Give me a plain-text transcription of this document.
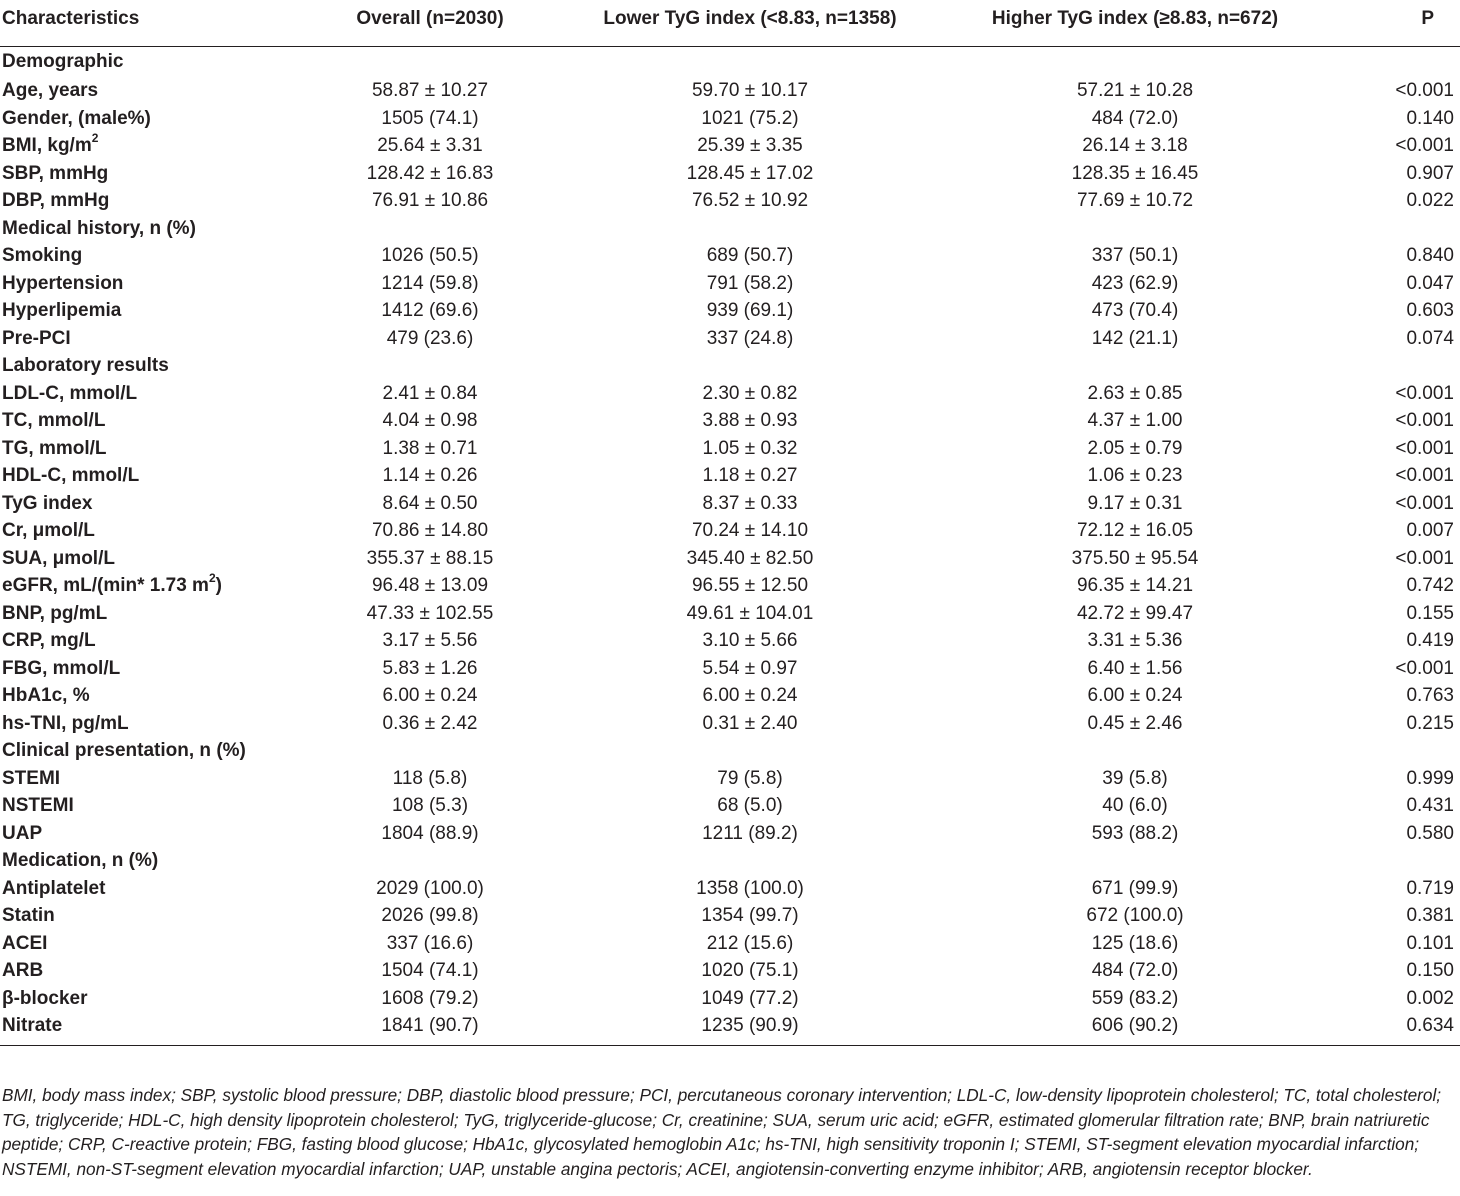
Characteristics	Overall (n=2030)	Lower TyG index (<8.83, n=1358)	Higher TyG index (≥8.83, n=672)	P
Demographic				
Age, years	58.87 ± 10.27	59.70 ± 10.17	57.21 ± 10.28	<0.001
Gender, (male%)	1505 (74.1)	1021 (75.2)	484 (72.0)	0.140
BMI, $kg/m^2$	25.64 ± 3.31	25.39 ± 3.35	26.14 ± 3.18	<0.001
SBP, mmHg	128.42 ± 16.83	128.45 ± 17.02	128.35 ± 16.45	0.907
DBP, mmHg	76.91 ± 10.86	76.52 ± 10.92	77.69 ± 10.72	0.022
Medical history, n (%)				
Smoking	1026 (50.5)	689 (50.7)	337 (50.1)	0.840
Hypertension	1214 (59.8)	791 (58.2)	423 (62.9)	0.047
Hyperlipemia	1412 (69.6)	939 (69.1)	473 (70.4)	0.603
Pre-PCI	479 (23.6)	337 (24.8)	142 (21.1)	0.074
Laboratory results				
LDL-C, mmol/L	2.41 ± 0.84	2.30 ± 0.82	2.63 ± 0.85	<0.001
TC, mmol/L	4.04 ± 0.98	3.88 ± 0.93	4.37 ± 1.00	<0.001
TG, mmol/L	1.38 ± 0.71	1.05 ± 0.32	2.05 ± 0.79	<0.001
HDL-C, mmol/L	1.14 ± 0.26	1.18 ± 0.27	1.06 ± 0.23	<0.001
TyG index	8.64 ± 0.50	8.37 ± 0.33	9.17 ± 0.31	<0.001
Cr, μmol/L	70.86 ± 14.80	70.24 ± 14.10	72.12 ± 16.05	0.007
SUA, μmol/L	355.37 ± 88.15	345.40 ± 82.50	375.50 ± 95.54	<0.001
eGFR, mL/(min* 1.73 $m^2$)	96.48 ± 13.09	96.55 ± 12.50	96.35 ± 14.21	0.742
BNP, pg/mL	47.33 ± 102.55	49.61 ± 104.01	42.72 ± 99.47	0.155
CRP, mg/L	3.17 ± 5.56	3.10 ± 5.66	3.31 ± 5.36	0.419
FBG, mmol/L	5.83 ± 1.26	5.54 ± 0.97	6.40 ± 1.56	<0.001
HbA1c, %	6.00 ± 0.24	6.00 ± 0.24	6.00 ± 0.24	0.763
hs-TNI, pg/mL	0.36 ± 2.42	0.31 ± 2.40	0.45 ± 2.46	0.215
Clinical presentation, n (%)				
STEMI	118 (5.8)	79 (5.8)	39 (5.8)	0.999
NSTEMI	108 (5.3)	68 (5.0)	40 (6.0)	0.431
UAP	1804 (88.9)	1211 (89.2)	593 (88.2)	0.580
Medication, n (%)				
Antiplatelet	2029 (100.0)	1358 (100.0)	671 (99.9)	0.719
Statin	2026 (99.8)	1354 (99.7)	672 (100.0)	0.381
ACEI	337 (16.6)	212 (15.6)	125 (18.6)	0.101
ARB	1504 (74.1)	1020 (75.1)	484 (72.0)	0.150
β-blocker	1608 (79.2)	1049 (77.2)	559 (83.2)	0.002
Nitrate	1841 (90.7)	1235 (90.9)	606 (90.2)	0.634

BMI, body mass index; SBP, systolic blood pressure; DBP, diastolic blood pressure; PCI, percutaneous coronary intervention; LDL-C, low-density lipoprotein cholesterol; TC, total cholesterol; TG, triglyceride; HDL-C, high density lipoprotein cholesterol; TyG, triglyceride-glucose; Cr, creatinine; SUA, serum uric acid; eGFR, estimated glomerular filtration rate; BNP, brain natriuretic peptide; CRP, C-reactive protein; FBG, fasting blood glucose; HbA1c, glycosylated hemoglobin A1c; hs-TNI, high sensitivity troponin I; STEMI, ST-segment elevation myocardial infarction; NSTEMI, non-ST-segment elevation myocardial infarction; UAP, unstable angina pectoris; ACEI, angiotensin-converting enzyme inhibitor; ARB, angiotensin receptor blocker.
